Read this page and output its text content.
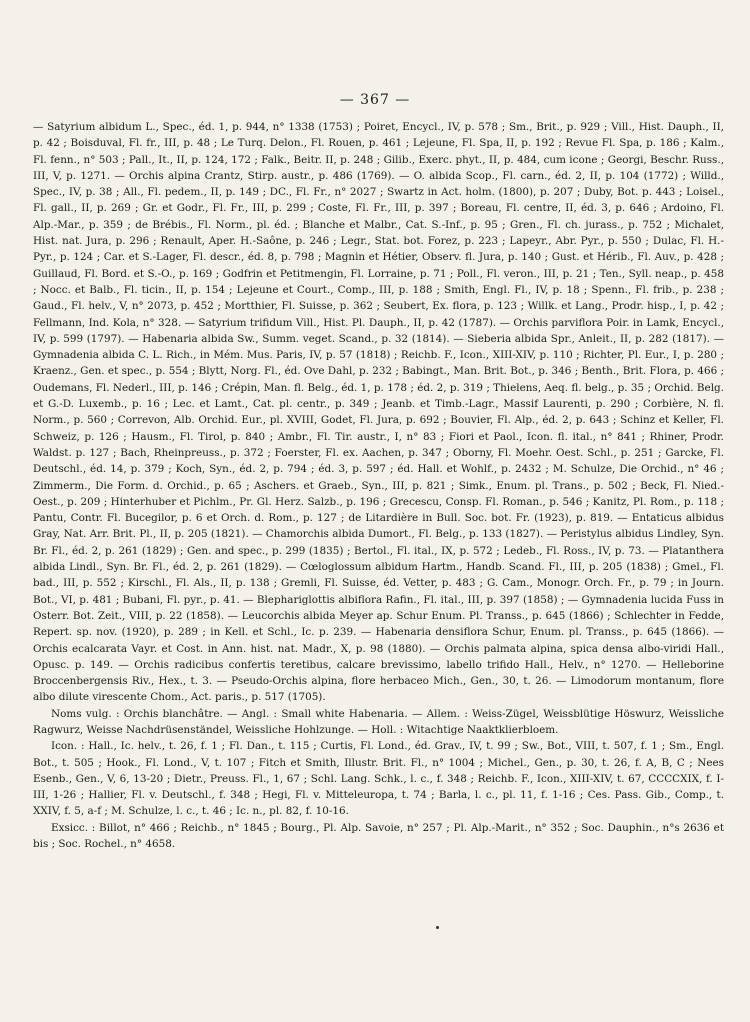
— 367 —

— Satyrium albidum L., Spec., éd. 1, p. 944, n° 1338 (1753) ; Poiret, Encycl., IV, p. 578 ; Sm., Brit., p. 929 ; Vill., Hist. Dauph., II, p. 42 ; Boisduval, Fl. fr., III, p. 48 ; Le Turq. Delon., Fl. Rouen, p. 461 ; Lejeune, Fl. Spa, II, p. 192 ; Revue Fl. Spa, p. 186 ; Kalm., Fl. fenn., n° 503 ; Pall., It., II, p. 124, 172 ; Falk., Beitr. II, p. 248 ; Gilib., Exerc. phyt., II, p. 484, cum icone ; Georgi, Beschr. Russ., III, V, p. 1271. — Orchis alpina Crantz, Stirp. austr., p. 486 (1769). — O. albida Scop., Fl. carn., éd. 2, II, p. 104 (1772) ; Willd., Spec., IV, p. 38 ; All., Fl. pedem., II, p. 149 ; DC., Fl. Fr., n° 2027 ; Swartz in Act. holm. (1800), p. 207 ; Duby, Bot. p. 443 ; Loisel., Fl. gall., II, p. 269 ; Gr. et Godr., Fl. Fr., III, p. 299 ; Coste, Fl. Fr., III, p. 397 ; Boreau, Fl. centre, II, éd. 3, p. 646 ; Ardoino, Fl. Alp.-Mar., p. 359 ; de Brébis., Fl. Norm., pl. éd. ; Blanche et Malbr., Cat. S.-Inf., p. 95 ; Gren., Fl. ch. jurass., p. 752 ; Michalet, Hist. nat. Jura, p. 296 ; Renault, Aper. H.-Saône, p. 246 ; Legr., Stat. bot. Forez, p. 223 ; Lapeyr., Abr. Pyr., p. 550 ; Dulac, Fl. H.-Pyr., p. 124 ; Car. et S.-Lager, Fl. descr., éd. 8, p. 798 ; Magnin et Hétier, Observ. fl. Jura, p. 140 ; Gust. et Hérib., Fl. Auv., p. 428 ; Guillaud, Fl. Bord. et S.-O., p. 169 ; Godfrin et Petitmengin, Fl. Lorraine, p. 71 ; Poll., Fl. veron., III, p. 21 ; Ten., Syll. neap., p. 458 ; Nocc. et Balb., Fl. ticin., II, p. 154 ; Lejeune et Court., Comp., III, p. 188 ; Smith, Engl. Fl., IV, p. 18 ; Spenn., Fl. frib., p. 238 ; Gaud., Fl. helv., V, n° 2073, p. 452 ; Mortthier, Fl. Suisse, p. 362 ; Seubert, Ex. flora, p. 123 ; Willk. et Lang., Prodr. hisp., I, p. 42 ; Fellmann, Ind. Kola, n° 328. — Satyrium trifidum Vill., Hist. Pl. Dauph., II, p. 42 (1787). — Orchis parviflora Poir. in Lamk, Encycl., IV, p. 599 (1797). — Habenaria albida Sw., Summ. veget. Scand., p. 32 (1814). — Sieberia albida Spr., Anleit., II, p. 282 (1817). — Gymnadenia albida C. L. Rich., in Mém. Mus. Paris, IV, p. 57 (1818) ; Reichb. F., Icon., XIII-XIV, p. 110 ; Richter, Pl. Eur., I, p. 280 ; Kraenz., Gen. et spec., p. 554 ; Blytt, Norg. Fl., éd. Ove Dahl, p. 232 ; Babingt., Man. Brit. Bot., p. 346 ; Benth., Brit. Flora, p. 466 ; Oudemans, Fl. Nederl., III, p. 146 ; Crépin, Man. fl. Belg., éd. 1, p. 178 ; éd. 2, p. 319 ; Thielens, Aeq. fl. belg., p. 35 ; Orchid. Belg. et G.-D. Luxemb., p. 16 ; Lec. et Lamt., Cat. pl. centr., p. 349 ; Jeanb. et Timb.-Lagr., Massif Laurenti, p. 290 ; Corbière, N. fl. Norm., p. 560 ; Correvon, Alb. Orchid. Eur., pl. XVIII, Godet, Fl. Jura, p. 692 ; Bouvier, Fl. Alp., éd. 2, p. 643 ; Schinz et Keller, Fl. Schweiz, p. 126 ; Hausm., Fl. Tirol, p. 840 ; Ambr., Fl. Tir. austr., I, n° 83 ; Fiori et Paol., Icon. fl. ital., n° 841 ; Rhiner, Prodr. Waldst. p. 127 ; Bach, Rheinpreuss., p. 372 ; Foerster, Fl. ex. Aachen, p. 347 ; Oborny, Fl. Moehr. Oest. Schl., p. 251 ; Garcke, Fl. Deutschl., éd. 14, p. 379 ; Koch, Syn., éd. 2, p. 794 ; éd. 3, p. 597 ; éd. Hall. et Wohlf., p. 2432 ; M. Schulze, Die Orchid., n° 46 ; Zimmerm., Die Form. d. Orchid., p. 65 ; Aschers. et Graeb., Syn., III, p. 821 ; Simk., Enum. pl. Trans., p. 502 ; Beck, Fl. Nied.-Oest., p. 209 ; Hinterhuber et Pichlm., Pr. Gl. Herz. Salzb., p. 196 ; Grecescu, Consp. Fl. Roman., p. 546 ; Kanitz, Pl. Rom., p. 118 ; Pantu, Contr. Fl. Bucegilor, p. 6 et Orch. d. Rom., p. 127 ; de Litardière in Bull. Soc. bot. Fr. (1923), p. 819. — Entaticus albidus Gray, Nat. Arr. Brit. Pl., II, p. 205 (1821). — Chamorchis albida Dumort., Fl. Belg., p. 133 (1827). — Peristylus albidus Lindley, Syn. Br. Fl., éd. 2, p. 261 (1829) ; Gen. and spec., p. 299 (1835) ; Bertol., Fl. ital., IX, p. 572 ; Ledeb., Fl. Ross., IV, p. 73. — Platanthera albida Lindl., Syn. Br. Fl., éd. 2, p. 261 (1829). — Cœloglossum albidum Hartm., Handb. Scand. Fl., III, p. 205 (1838) ; Gmel., Fl. bad., III, p. 552 ; Kirschl., Fl. Als., II, p. 138 ; Gremli, Fl. Suisse, éd. Vetter, p. 483 ; G. Cam., Monogr. Orch. Fr., p. 79 ; in Journ. Bot., VI, p. 481 ; Bubani, Fl. pyr., p. 41. — Blephariglottis albiflora Rafin., Fl. ital., III, p. 397 (1858) ; — Gymnadenia lucida Fuss in Osterr. Bot. Zeit., VIII, p. 22 (1858). — Leucorchis albida Meyer ap. Schur Enum. Pl. Transs., p. 645 (1866) ; Schlechter in Fedde, Repert. sp. nov. (1920), p. 289 ; in Kell. et Schl., Ic. p. 239. — Habenaria densiflora Schur, Enum. pl. Transs., p. 645 (1866). — Orchis ecalcarata Vayr. et Cost. in Ann. hist. nat. Madr., X, p. 98 (1880). — Orchis palmata alpina, spica densa albo-viridi Hall., Opusc. p. 149. — Orchis radicibus confertis teretibus, calcare brevissimo, labello trifido Hall., Helv., n° 1270. — Helleborine Broccenbergensis Riv., Hex., t. 3. — Pseudo-Orchis alpina, flore herbaceo Mich., Gen., 30, t. 26. — Limodorum montanum, flore albo dilute virescente Chom., Act. paris., p. 517 (1705).

Noms vulg. : Orchis blanchâtre. — Angl. : Small white Habenaria. — Allem. : Weiss-Zügel, Weissblütige Höswurz, Weissliche Ragwurz, Weisse Nachdrüsenständel, Weissliche Hohlzunge. — Holl. : Witachtige Naaktklierbloem.

Icon. : Hall., Ic. helv., t. 26, f. 1 ; Fl. Dan., t. 115 ; Curtis, Fl. Lond., éd. Grav., IV, t. 99 ; Sw., Bot., VIII, t. 507, f. 1 ; Sm., Engl. Bot., t. 505 ; Hook., Fl. Lond., V, t. 107 ; Fitch et Smith, Illustr. Brit. Fl., n° 1004 ; Michel., Gen., p. 30, t. 26, f. A, B, C ; Nees Esenb., Gen., V, 6, 13-20 ; Dietr., Preuss. Fl., 1, 67 ; Schl. Lang. Schk., l. c., f. 348 ; Reichb. F., Icon., XIII-XIV, t. 67, CCCCXIX, f. I-III, 1-26 ; Hallier, Fl. v. Deutschl., f. 348 ; Hegi, Fl. v. Mitteleuropa, t. 74 ; Barla, l. c., pl. 11, f. 1-16 ; Ces. Pass. Gib., Comp., t. XXIV, f. 5, a-f ; M. Schulze, l. c., t. 46 ; Ic. n., pl. 82, f. 10-16.

Exsicc. : Billot, n° 466 ; Reichb., n° 1845 ; Bourg., Pl. Alp. Savoie, n° 257 ; Pl. Alp.-Marit., n° 352 ; Soc. Dauphin., n°s 2636 et bis ; Soc. Rochel., n° 4658.
